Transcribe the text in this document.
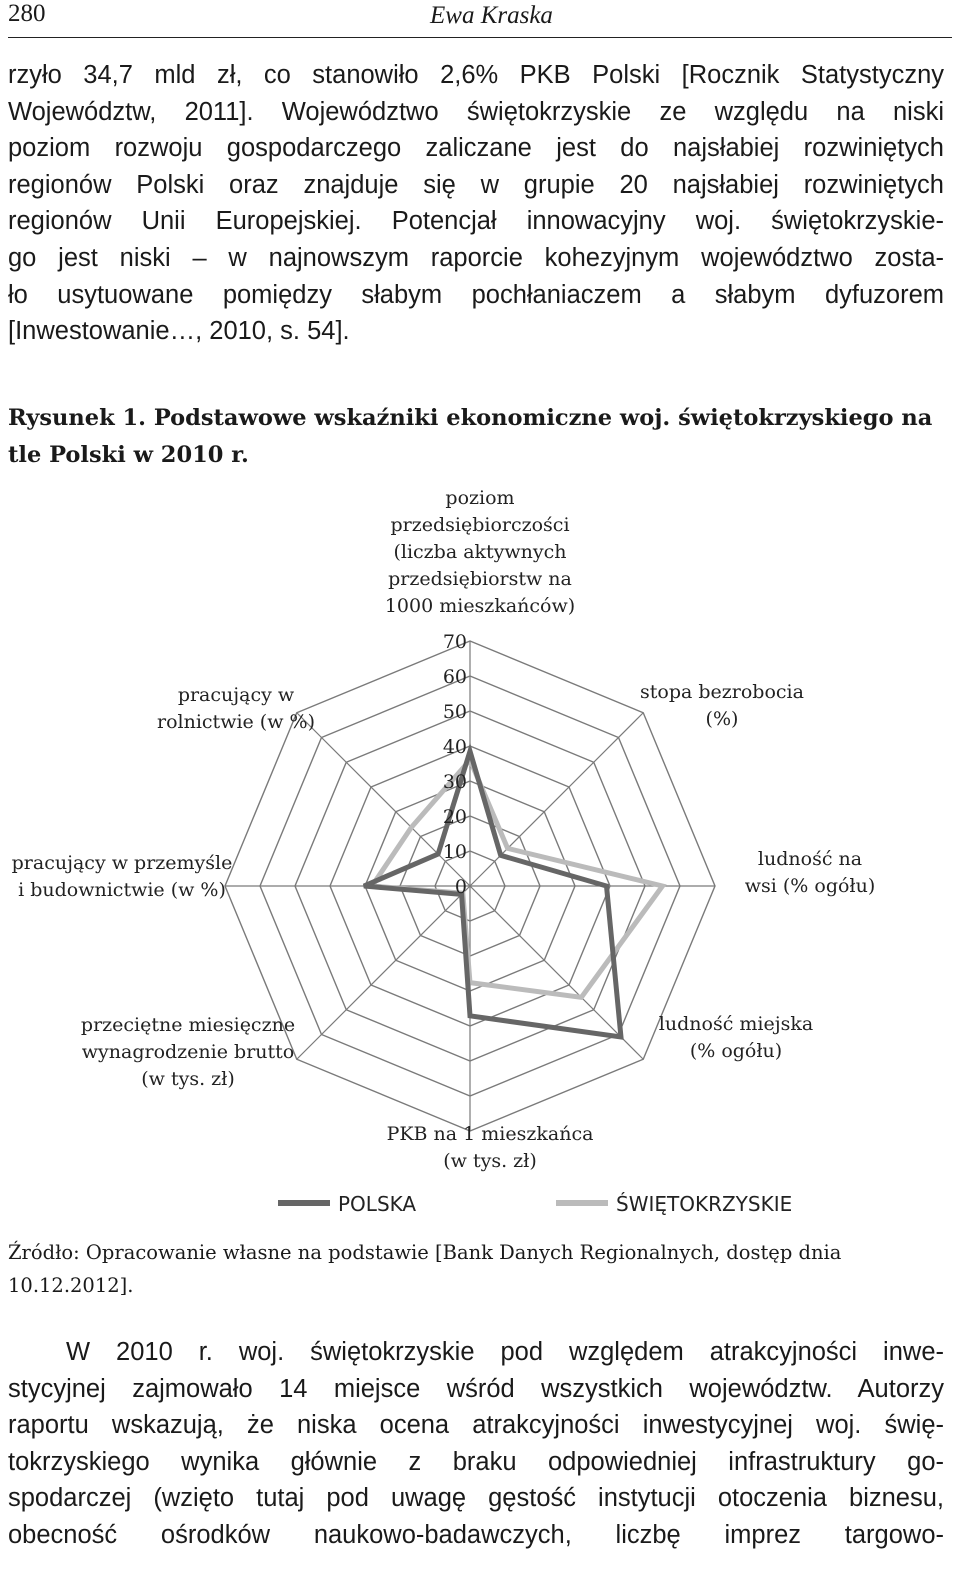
280	Ewa Kraska

rzyło 34,7 mld zł, co stanowiło 2,6% PKB Polski [Rocznik Statystyczny
Województw, 2011]. Województwo świętokrzyskie ze względu na niski
poziom rozwoju gospodarczego zaliczane jest do najsłabiej rozwiniętych
regionów Polski oraz znajduje się w grupie 20 najsłabiej rozwiniętych
regionów Unii Europejskiej. Potencjał innowacyjny woj. świętokrzyskie-
go jest niski – w najnowszym raporcie kohezyjnym województwo zosta-
ło usytuowane pomiędzy słabym pochłaniaczem a słabym dyfuzorem
[Inwestowanie…, 2010, s. 54].

Rysunek 1. Podstawowe wskaźniki ekonomiczne woj. świętokrzyskiego na
tle Polski w 2010 r.

0
10
20
30
40
50
60
70
poziom przedsiębiorczości (liczba aktywnych przedsiębiorstw na 1000 mieszkańców)
stopa bezrobocia (%)
ludność na wsi (% ogółu)
ludność miejska (% ogółu)
PKB na 1 mieszkańca (w tys. zł)
przeciętne miesięczne wynagrodzenie brutto (w tys. zł)
pracujący w przemyśle i budownictwie (w %)
pracujący w rolnictwie (w %)
POLSKA	ŚWIĘTOKRZYSKIE

Źródło: Opracowanie własne na podstawie [Bank Danych Regionalnych, dostęp dnia
10.12.2012].

W 2010 r. woj. świętokrzyskie pod względem atrakcyjności inwe-
stycyjnej zajmowało 14 miejsce wśród wszystkich województw. Autorzy
raportu wskazują, że niska ocena atrakcyjności inwestycyjnej woj. świę-
tokrzyskiego wynika głównie z braku odpowiedniej infrastruktury go-
spodarczej (wzięto tutaj pod uwagę gęstość instytucji otoczenia biznesu,
obecność ośrodków naukowo-badawczych, liczbę imprez targowo-
